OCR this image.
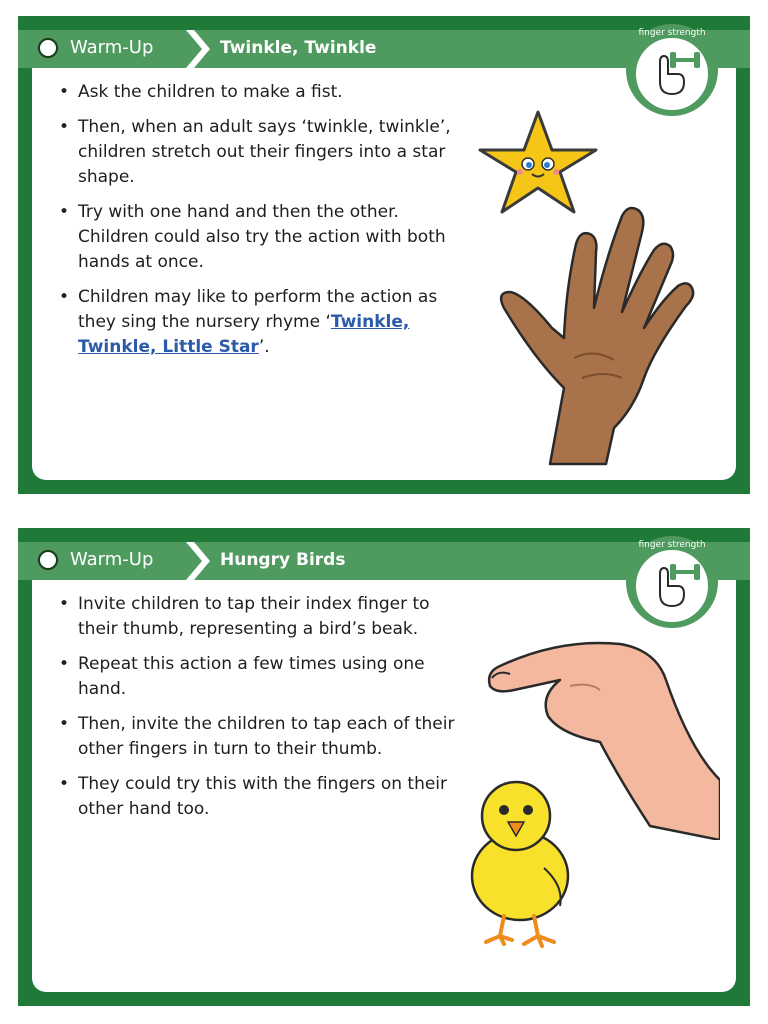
Warm-Up	Twinkle, Twinkle
• Ask the children to make a fist.
• Then, when an adult says ‘twinkle, twinkle’, children stretch out their fingers into a star shape.
• Try with one hand and then the other. Children could also try the action with both hands at once.
• Children may like to perform the action as they sing the nursery rhyme ‘Twinkle, Twinkle, Little Star’.
finger strength
Warm-Up	Hungry Birds
• Invite children to tap their index finger to their thumb, representing a bird’s beak.
• Repeat this action a few times using one hand.
• Then, invite the children to tap each of their other fingers in turn to their thumb.
• They could try this with the fingers on their other hand too.
finger strength
